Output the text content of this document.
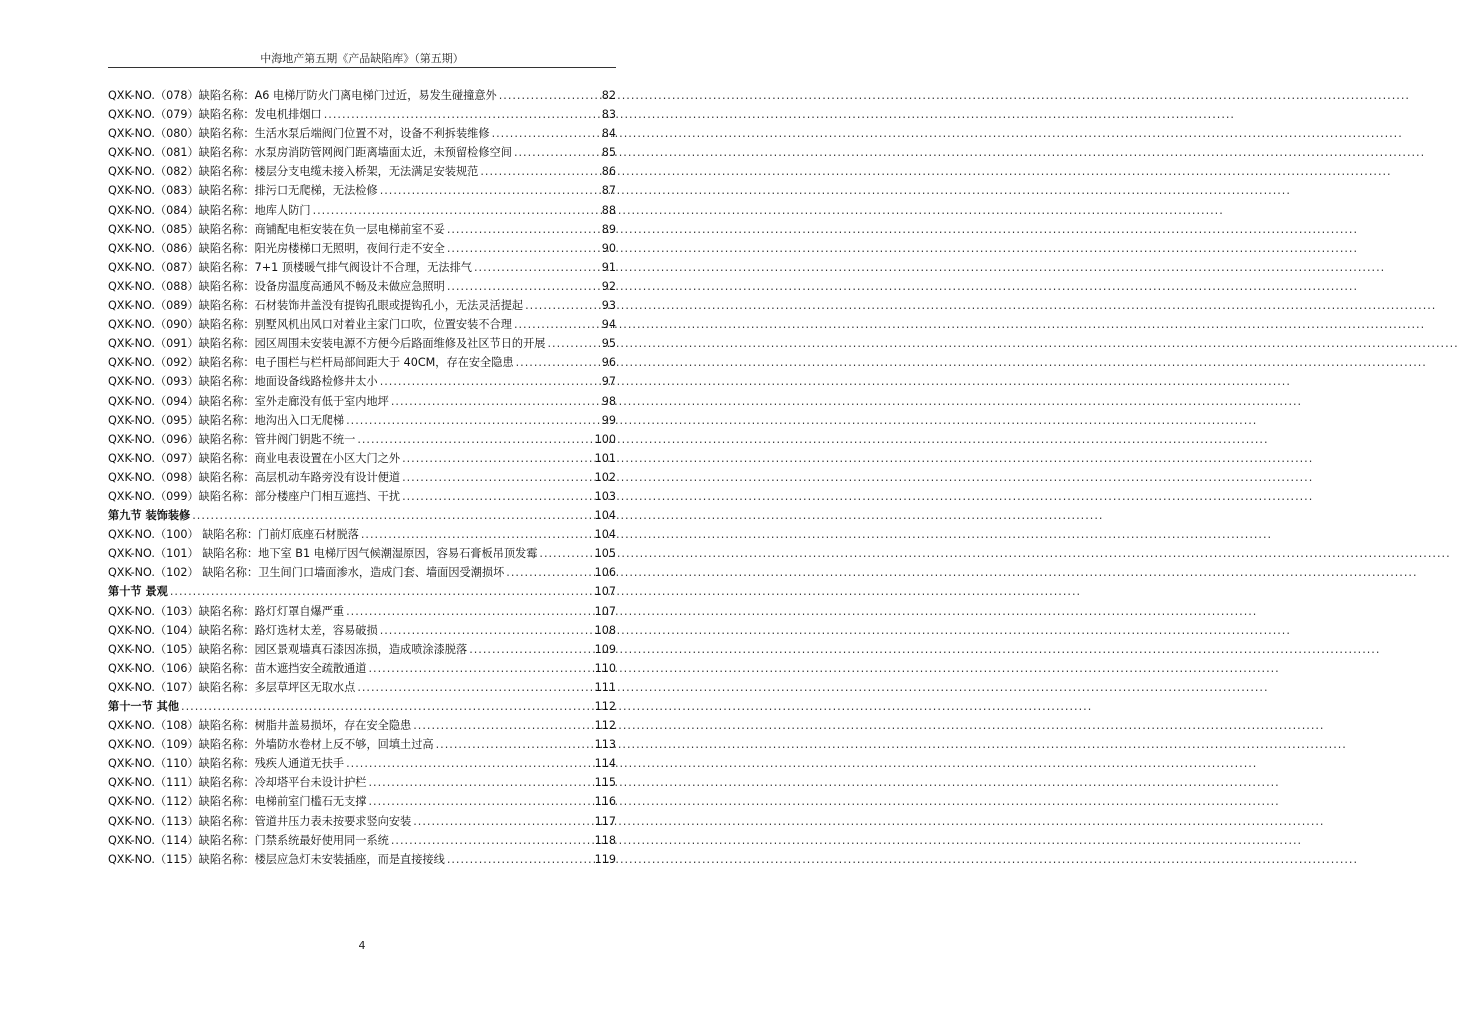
中海地产第五期《产品缺陷库》（第五期）
QXK-NO.（078）缺陷名称：A6 电梯厅防火门离电梯门过近，易发生碰撞意外 .....	82
QXK-NO.（079）缺陷名称：发电机排烟口 .....	83
QXK-NO.（080）缺陷名称：生活水泵后端阀门位置不对，设备不利拆装维修 .....	84
QXK-NO.（081）缺陷名称：水泵房消防管网阀门距离墙面太近，未预留检修空间 .....	85
QXK-NO.（082）缺陷名称：楼层分支电缆未接入桥架，无法满足安装规范 .....	86
QXK-NO.（083）缺陷名称：排污口无爬梯，无法检修 .....	87
QXK-NO.（084）缺陷名称：地库人防门 .....	88
QXK-NO.（085）缺陷名称：商铺配电柜安装在负一层电梯前室不妥 .....	89
QXK-NO.（086）缺陷名称：阳光房楼梯口无照明，夜间行走不安全 .....	90
QXK-NO.（087）缺陷名称：7+1 顶楼暖气排气阀设计不合理，无法排气 .....	91
QXK-NO.（088）缺陷名称：设备房温度高通风不畅及未做应急照明 .....	92
QXK-NO.（089）缺陷名称：石材装饰井盖没有提钩孔眼或提钩孔小，无法灵活提起 .....	93
QXK-NO.（090）缺陷名称：别墅风机出风口对着业主家门口吹，位置安装不合理 .....	94
QXK-NO.（091）缺陷名称：园区周围未安装电源不方便今后路面维修及社区节日的开展 .....	95
QXK-NO.（092）缺陷名称：电子围栏与栏杆局部间距大于 40CM，存在安全隐患 .....	96
QXK-NO.（093）缺陷名称：地面设备线路检修井太小 .....	97
QXK-NO.（094）缺陷名称：室外走廊没有低于室内地坪 .....	98
QXK-NO.（095）缺陷名称：地沟出入口无爬梯 .....	99
QXK-NO.（096）缺陷名称：管井阀门钥匙不统一 .....	100
QXK-NO.（097）缺陷名称：商业电表设置在小区大门之外 .....	101
QXK-NO.（098）缺陷名称：高层机动车路旁没有设计便道 .....	102
QXK-NO.（099）缺陷名称：部分楼座户门相互遮挡、干扰 .....	103
第九节 装饰装修 .....	104
QXK-NO.（100） 缺陷名称：门前灯底座石材脱落 .....	104
QXK-NO.（101） 缺陷名称：地下室 B1 电梯厅因气候潮湿原因，容易石膏板吊顶发霉 .....	105
QXK-NO.（102） 缺陷名称：卫生间门口墙面渗水，造成门套、墙面因受潮损坏 .....	106
第十节 景观 .....	107
QXK-NO.（103）缺陷名称：路灯灯罩自爆严重 .....	107
QXK-NO.（104）缺陷名称：路灯选材太差，容易破损 .....	108
QXK-NO.（105）缺陷名称：园区景观墙真石漆因冻损，造成喷涂漆脱落 .....	109
QXK-NO.（106）缺陷名称：苗木遮挡安全疏散通道 .....	110
QXK-NO.（107）缺陷名称：多层草坪区无取水点 .....	111
第十一节 其他 .....	112
QXK-NO.（108）缺陷名称：树脂井盖易损坏，存在安全隐患 .....	112
QXK-NO.（109）缺陷名称：外墙防水卷材上反不够，回填土过高 .....	113
QXK-NO.（110）缺陷名称：残疾人通道无扶手 .....	114
QXK-NO.（111）缺陷名称：冷却塔平台未设计护栏 .....	115
QXK-NO.（112）缺陷名称：电梯前室门槛石无支撑 .....	116
QXK-NO.（113）缺陷名称：管道井压力表未按要求竖向安装 .....	117
QXK-NO.（114）缺陷名称：门禁系统最好使用同一系统 .....	118
QXK-NO.（115）缺陷名称：楼层应急灯未安装插座，而是直接接线 .....	119
4
